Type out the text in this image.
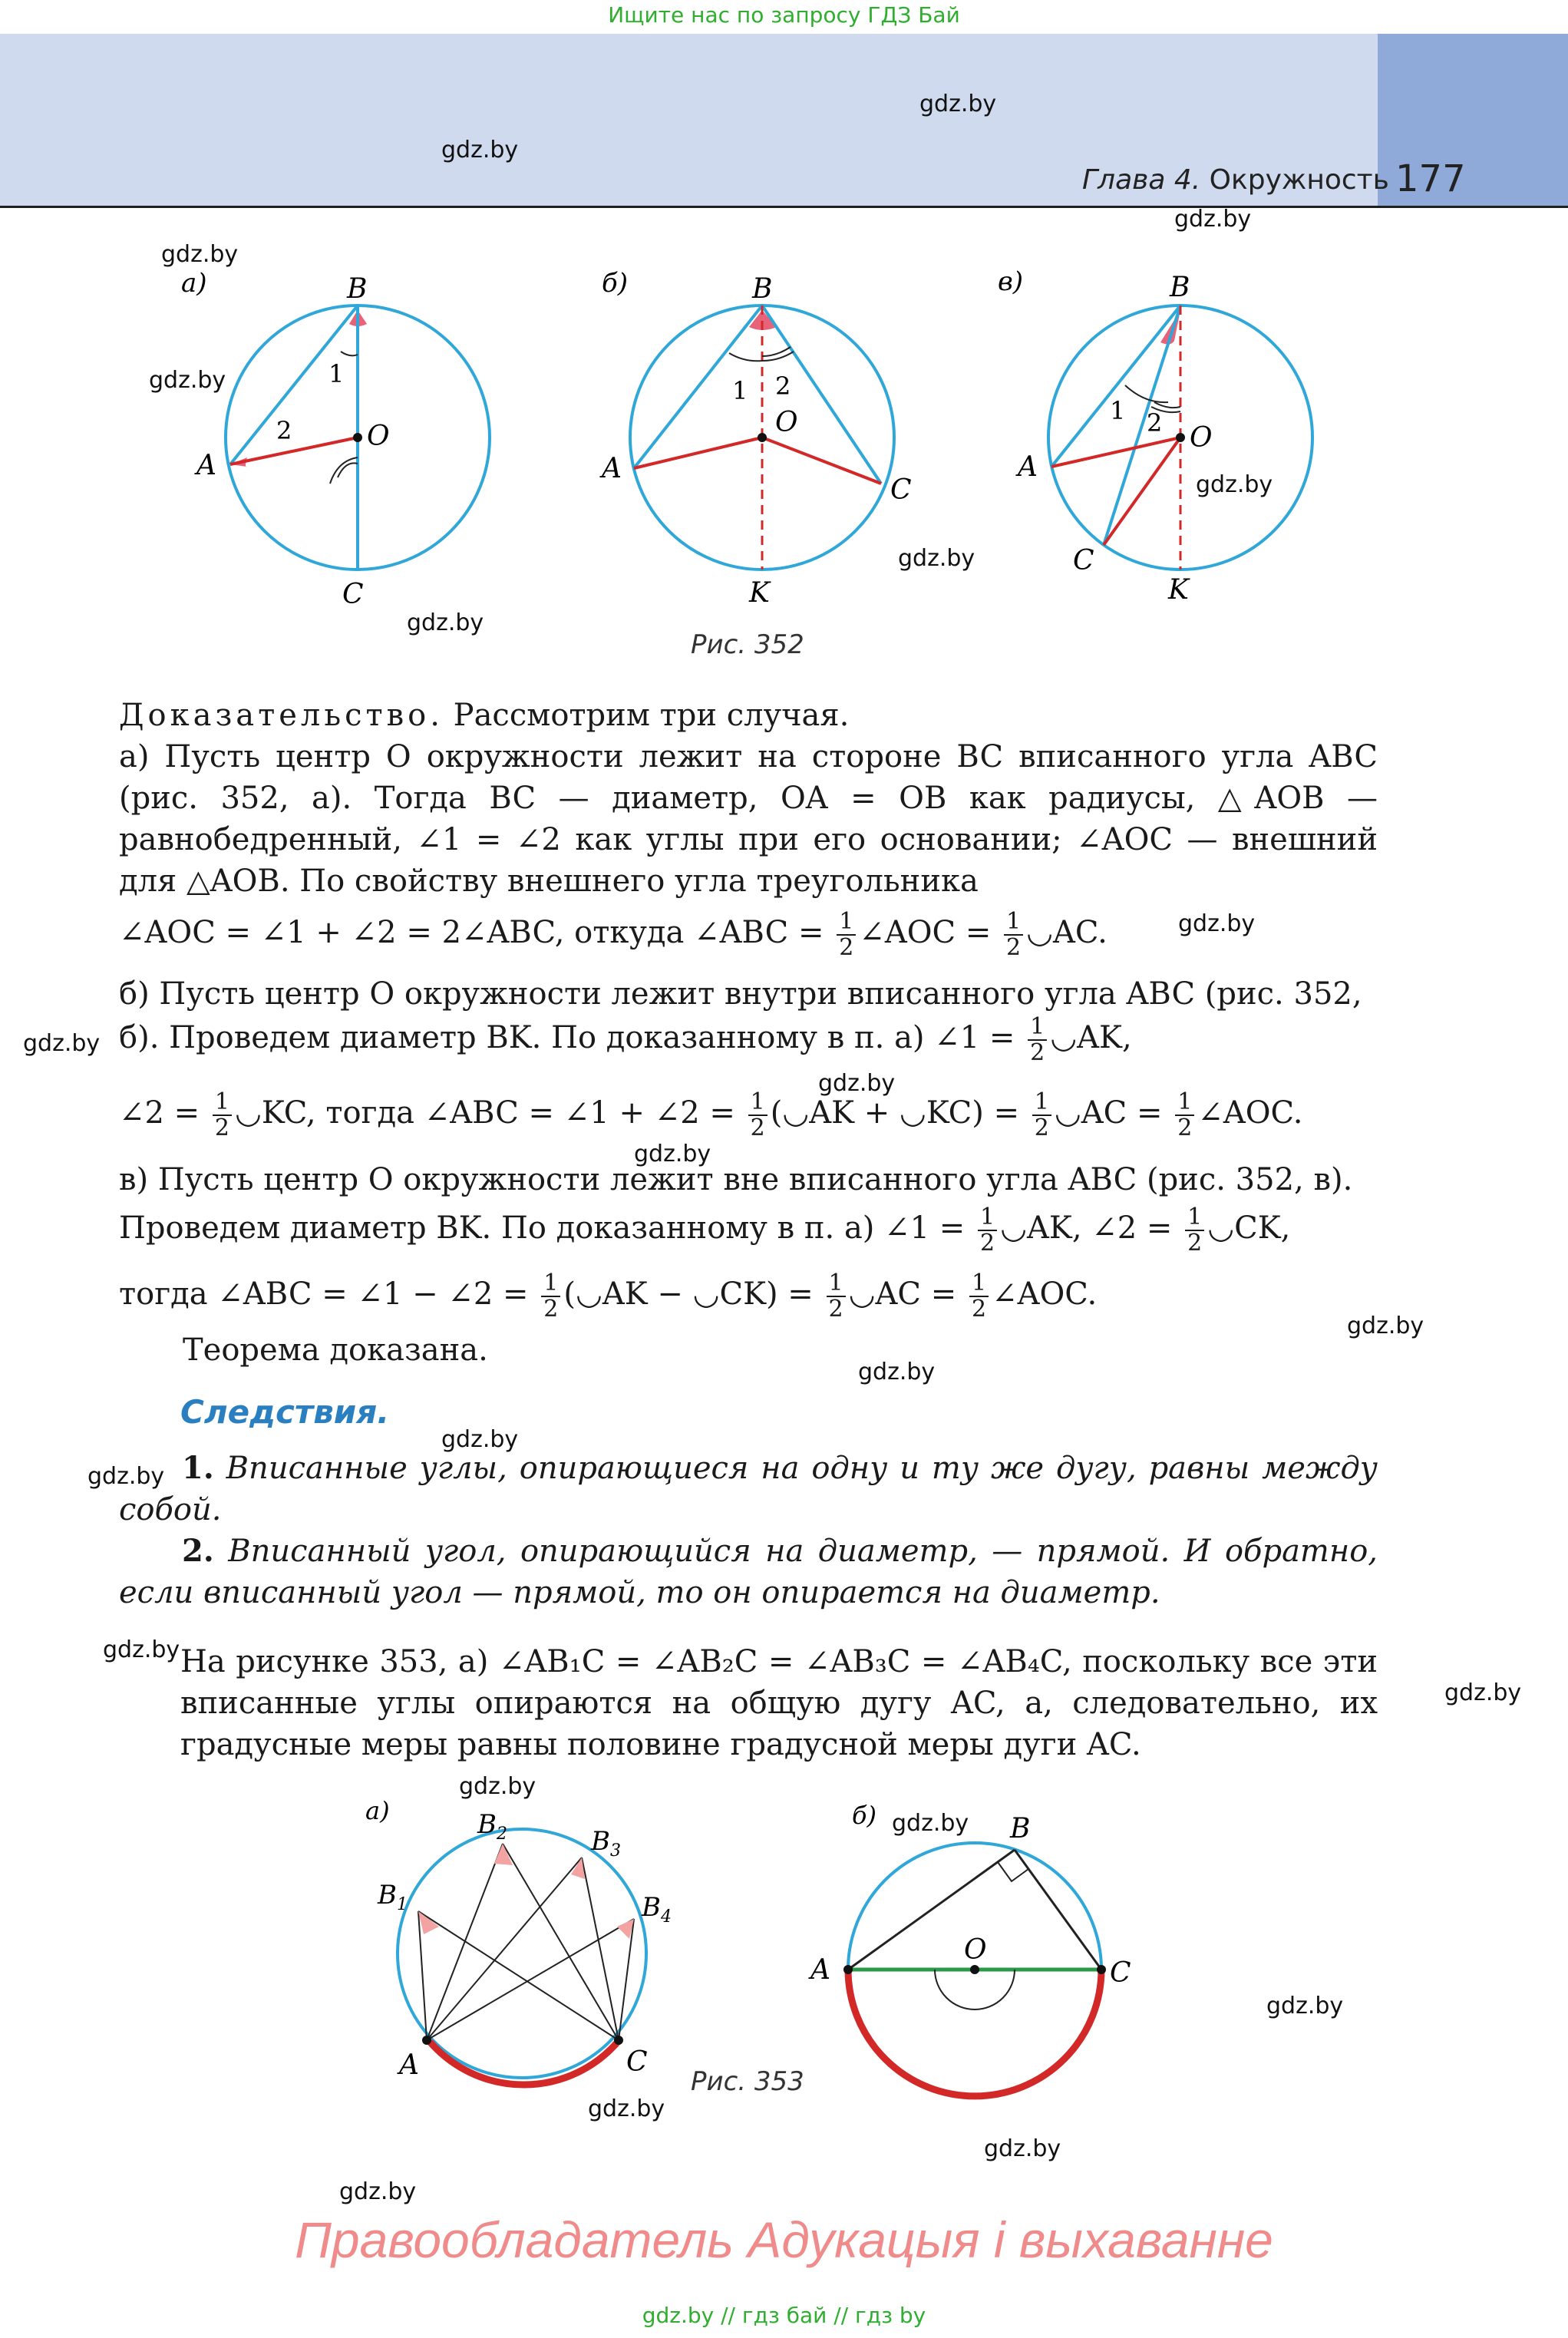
Ищите нас по запросу ГДЗ Бай
Глава 4. Окружность 177
gdz.by
gdz.by
gdz.by
gdz.by
gdz.by
gdz.by
gdz.by
gdz.by
gdz.by
gdz.by
gdz.by
gdz.by
gdz.by
gdz.by
gdz.by
gdz.by
gdz.by
gdz.by
gdz.by
gdz.by
gdz.by
gdz.by
gdz.by
gdz.by
а)	B
A
O
C
1
2
б)	B
A
O
C
K
1 2
в)	B
A
O
C
K
1 2
Рис. 352
Доказательство. Рассмотрим три случая.
а) Пусть центр O окружности лежит на стороне BC вписанного угла ABC (рис. 352, а). Тогда BC — диаметр, OA = OB как радиусы, △AOB — равнобедренный, ∠1 = ∠2 как углы при его основании; ∠AOC — внешний для △AOB. По свойству внешнего угла треугольника
∠AOC = ∠1 + ∠2 = 2∠ABC, откуда ∠ABC = $\frac{1}{2}$ ∠AOC = $\frac{1}{2}$ ◡AC.
б) Пусть центр O окружности лежит внутри вписанного угла ABC (рис. 352, б). Проведем диаметр BK. По доказанному в п. а) ∠1 = $\frac{1}{2}$ ◡AK,
∠2 = $\frac{1}{2}$ ◡KC, тогда ∠ABC = ∠1 + ∠2 = $\frac{1}{2}$ (◡AK + ◡KC) = $\frac{1}{2}$ ◡AC = $\frac{1}{2}$ ∠AOC.
в) Пусть центр O окружности лежит вне вписанного угла ABC (рис. 352, в).
Проведем диаметр BK. По доказанному в п. а) ∠1 = $\frac{1}{2}$ ◡AK, ∠2 = $\frac{1}{2}$ ◡CK,
тогда ∠ABC = ∠1 − ∠2 = $\frac{1}{2}$ (◡AK − ◡CK) = $\frac{1}{2}$ ◡AC = $\frac{1}{2}$ ∠AOC.
Теорема доказана.
Следствия.
1. Вписанные углы, опирающиеся на одну и ту же дугу, равны между собой.
2. Вписанный угол, опирающийся на диаметр, — прямой. И обратно, если вписанный угол — прямой, то он опирается на диаметр.
На рисунке 353, а) ∠AB₁C = ∠AB₂C = ∠AB₃C = ∠AB₄C, поскольку все эти вписанные углы опираются на общую дугу AC, а, следовательно, их градусные меры равны половине градусной меры дуги AC.
а)
A	C
$B_1$
$B_2$	$B_3$
$B_4$
б)
A
B
C
O
Рис. 353
Правообладатель Адукацыя і выхаванне
gdz.by // гдз бай // гдз by
